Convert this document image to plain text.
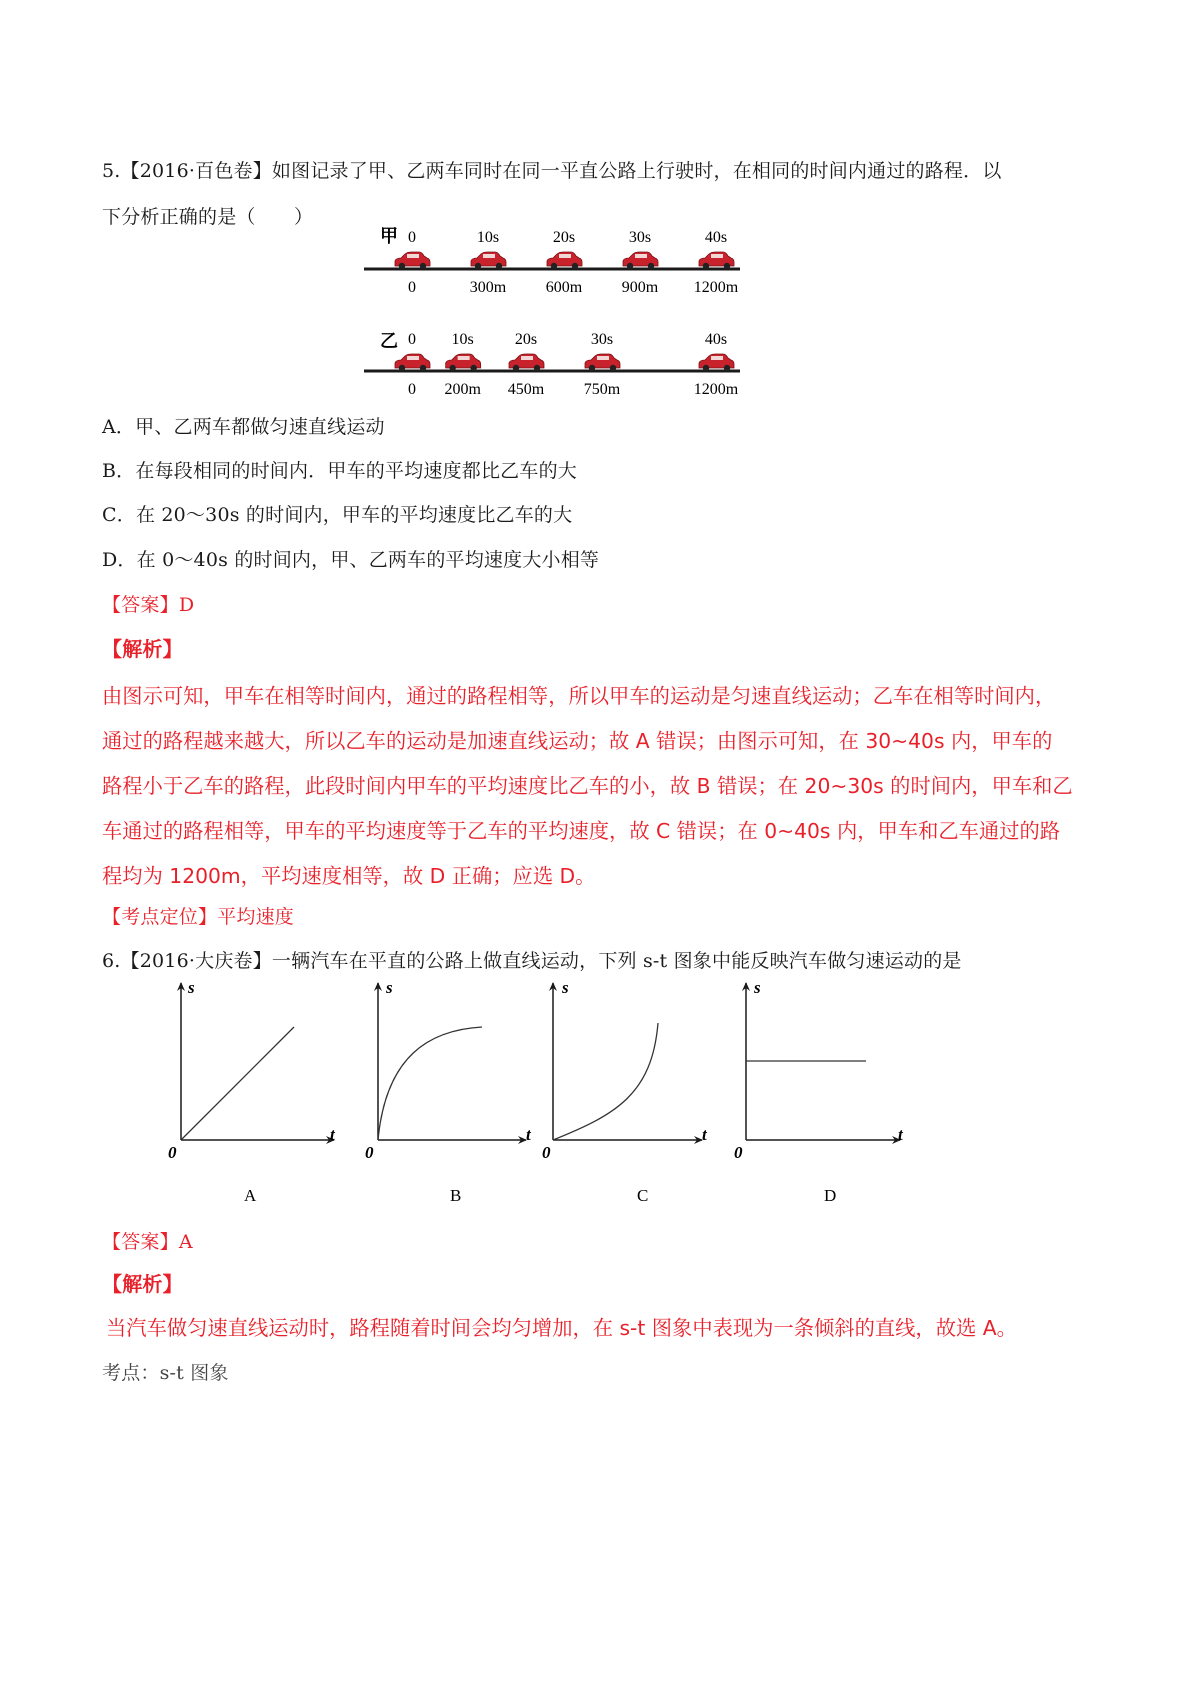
5.【2016·百色卷】如图记录了甲、乙两车同时在同一平直公路上行驶时，在相同的时间内通过的路程．以
下分析正确的是（　　）
甲 0	10s	20s	30s	40s
0	300m 600m 900m 1200m
乙 0 10s	20s	30s	40s
0 200m 450m 750m	1200m
A．甲、乙两车都做匀速直线运动
B．在每段相同的时间内．甲车的平均速度都比乙车的大
C．在 20～30s 的时间内，甲车的平均速度比乙车的大
D．在 0～40s 的时间内，甲、乙两车的平均速度大小相等
【答案】D
【解析】
由图示可知，甲车在相等时间内，通过的路程相等，所以甲车的运动是匀速直线运动；乙车在相等时间内，
通过的路程越来越大，所以乙车的运动是加速直线运动；故 A 错误；由图示可知，在 30~40s 内，甲车的
路程小于乙车的路程，此段时间内甲车的平均速度比乙车的小，故 B 错误；在 20~30s 的时间内，甲车和乙
车通过的路程相等，甲车的平均速度等于乙车的平均速度，故 C 错误；在 0~40s 内，甲车和乙车通过的路
程均为 1200m，平均速度相等，故 D 正确；应选 D。
【考点定位】平均速度
6.【2016·大庆卷】一辆汽车在平直的公路上做直线运动，下列 s-t 图象中能反映汽车做匀速运动的是
s
t
0
A
s
t
0
B
s
t
0
C
s
t
0
D
【答案】A
【解析】
当汽车做匀速直线运动时，路程随着时间会均匀增加，在 s-t 图象中表现为一条倾斜的直线，故选 A。
考点：s-t 图象
